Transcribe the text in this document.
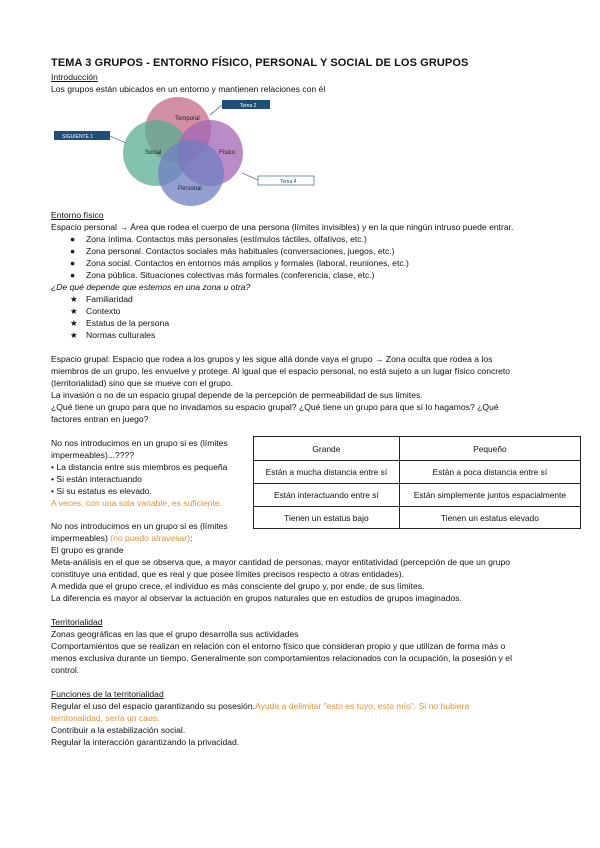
TEMA 3 GRUPOS - ENTORNO FÍSICO, PERSONAL Y SOCIAL DE LOS GRUPOS
Introducción
Los grupos están ubicados en un entorno y mantienen relaciones con él
Temporal
Social	Físico
Personal
Tema 2
SIGUIENTE 1
Tema 4
Entorno físico
Espacio personal → Área que rodea el cuerpo de una persona (límites invisibles) y en la que ningún intruso puede entrar.
● Zona íntima. Contactos más personales (estímulos táctiles, olfativos, etc.)
● Zona personal. Contactos sociales más habituales (conversaciones, juegos, etc.)
● Zona social. Contactos en entornos más amplios y formales (laboral, reuniones, etc.)
● Zona pública. Situaciones colectivas más formales (conferencia, clase, etc.)
¿De qué depende que estemos en una zona u otra?
★ Familiaridad
★ Contexto
★ Estatus de la persona
★ Normas culturales
Espacio grupal: Espacio que rodea a los grupos y les sigue allá donde vaya el grupo → Zona oculta que rodea a los
miembros de un grupo, les envuelve y protege. Al igual que el espacio personal, no está sujeto a un lugar físico concreto
(territorialidad) sino que se mueve con el grupo.
La invasión o no de un espacio grupal depende de la percepción de permeabilidad de sus límites.
¿Qué tiene un grupo para que no invadamos su espacio grupal? ¿Qué tiene un grupo para que sí lo hagamos? ¿Qué
factores entran en juego?
No nos introducimos en un grupo si es (límites
impermeables)...????
• La distancia entre sus miembros es pequeña
• Si están interactuando
• Si su estatus es elevado.
A veces, con una sola variable, es suficiente.
No nos introducimos en un grupo si es (límites
impermeables) (no puedo atravesar):
El grupo es grande
Grande	Pequeño
Están a mucha distancia entre sí	Están a poca distancia entre sí
Están interactuando entre sí	Están simplemente juntos espacialmente
Tienen un estatus bajo	Tienen un estatus elevado
Meta-análisis en el que se observa que, a mayor cantidad de personas, mayor entitatividad (percepción de que un grupo
constituye una entidad, que es real y que posee límites precisos respecto a otras entidades).
A medida que el grupo crece, el individuo es más consciente del grupo y, por ende, de sus límites.
La diferencia es mayor al observar la actuación en grupos naturales que en estudios de grupos imaginados.
Territorialidad
Zonas geográficas en las que el grupo desarrolla sus actividades
Comportamientos que se realizan en relación con el entorno físico que consideran propio y que utilizan de forma más o
menos exclusiva durante un tiempo. Generalmente son comportamientos relacionados con la ocupación, la posesión y el
control.
Funciones de la territorialidad
Regular el uso del espacio garantizando su posesión.Ayuda a delimitar "esto es tuyo, esto mío". Si no hubiera
territorialidad, sería un caos.
Contribuir a la estabilización social.
Regular la interacción garantizando la privacidad.
